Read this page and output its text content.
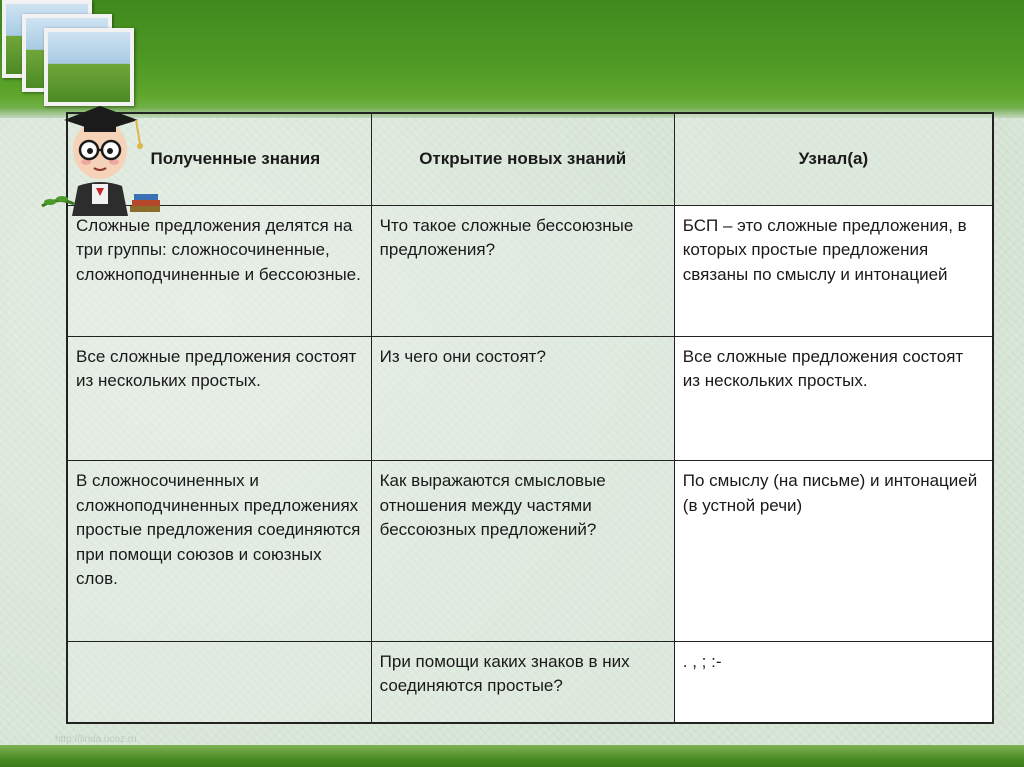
Полученные знания	Открытие новых знаний	Узнал(а)
Сложные предложения делятся на три группы: сложносочиненные, сложноподчиненные и бессоюзные.	Что такое сложные бессоюзные предложения?	БСП – это сложные предложения, в которых простые предложения связаны по смыслу и интонацией
Все сложные предложения состоят из нескольких простых.	Из чего они состоят?	Все сложные предложения состоят из нескольких простых.
В сложносочиненных и сложноподчиненных предложениях простые предложения соединяются при помощи союзов и союзных слов.	Как выражаются смысловые отношения между частями бессоюзных предложений?	По смыслу (на письме) и интонацией (в устной речи)
	При помощи каких знаков в них соединяются простые?	. , ; :-
http://linda.ucoz.ru
